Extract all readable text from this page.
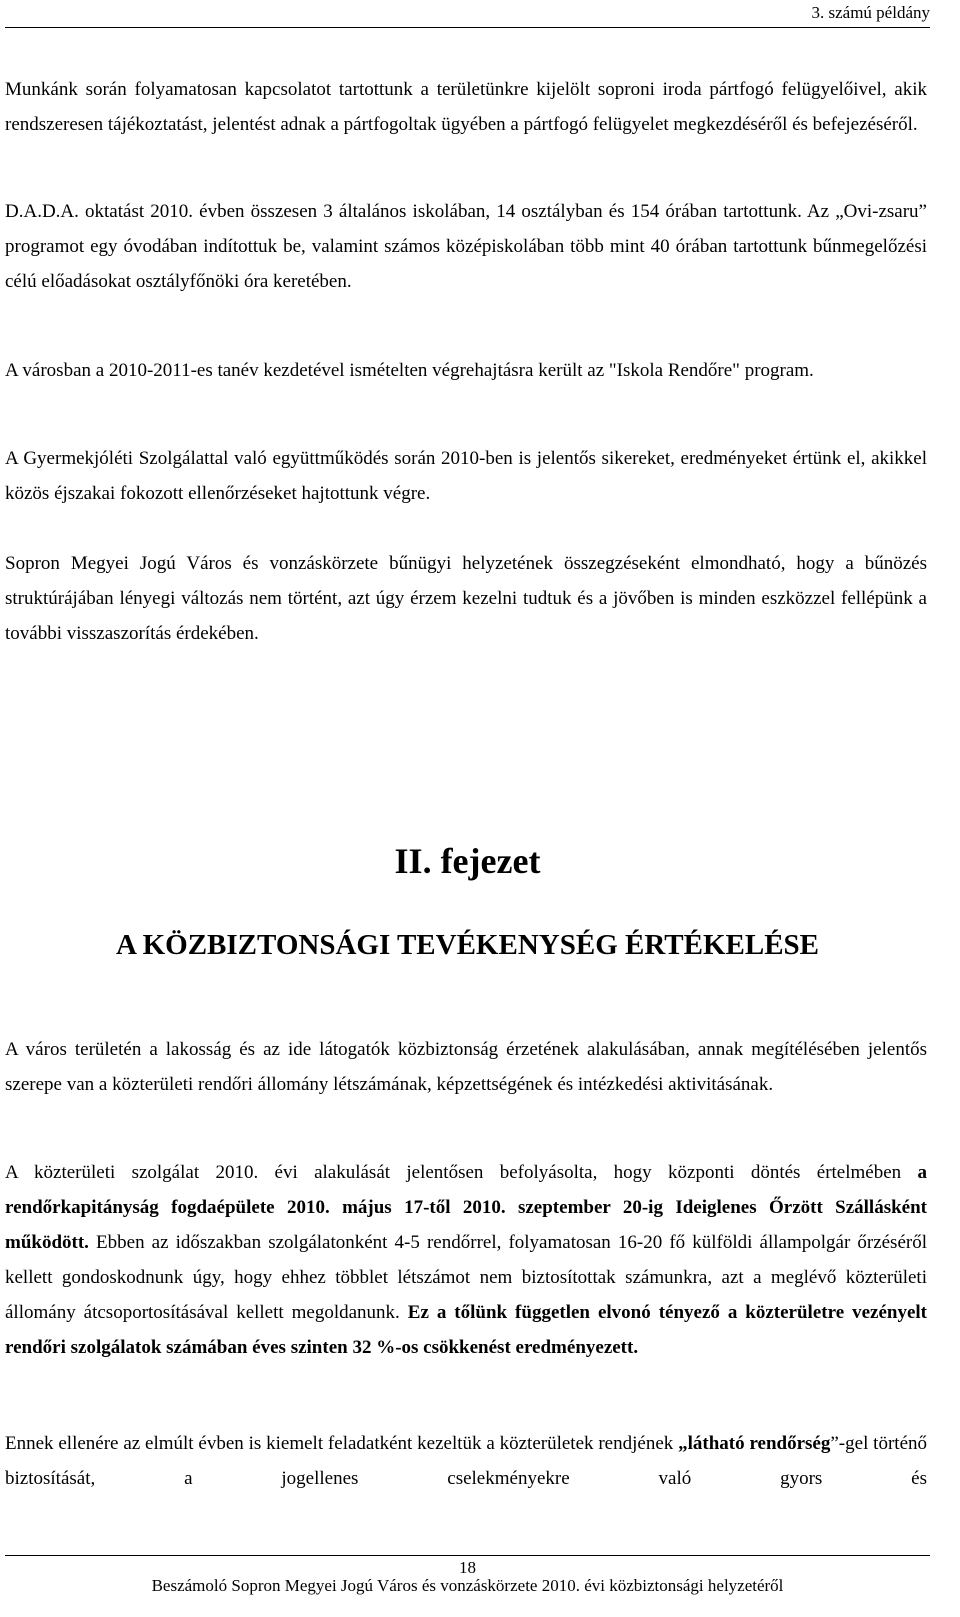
3. számú példány

Munkánk során folyamatosan kapcsolatot tartottunk a területünkre kijelölt soproni iroda pártfogó felügyelőivel, akik rendszeresen tájékoztatást, jelentést adnak a pártfogoltak ügyében a pártfogó felügyelet megkezdéséről és befejezéséről.

D.A.D.A. oktatást 2010. évben összesen 3 általános iskolában, 14 osztályban és 154 órában tartottunk. Az „Ovi-zsaru” programot egy óvodában indítottuk be, valamint számos középiskolában több mint 40 órában tartottunk bűnmegelőzési célú előadásokat osztályfőnöki óra keretében.

A városban a 2010-2011-es tanév kezdetével ismételten végrehajtásra került az "Iskola Rendőre" program.

A Gyermekjóléti Szolgálattal való együttműködés során 2010-ben is jelentős sikereket, eredményeket értünk el, akikkel közös éjszakai fokozott ellenőrzéseket hajtottunk végre.

Sopron Megyei Jogú Város és vonzáskörzete bűnügyi helyzetének összegzéseként elmondható, hogy a bűnözés struktúrájában lényegi változás nem történt, azt úgy érzem kezelni tudtuk és a jövőben is minden eszközzel fellépünk a további visszaszorítás érdekében.

II. fejezet
A KÖZBIZTONSÁGI TEVÉKENYSÉG ÉRTÉKELÉSE

A város területén a lakosság és az ide látogatók közbiztonság érzetének alakulásában, annak megítélésében jelentős szerepe van a közterületi rendőri állomány létszámának, képzettségének és intézkedési aktivitásának.

A közterületi szolgálat 2010. évi alakulását jelentősen befolyásolta, hogy központi döntés értelmében a rendőrkapitányság fogdaépülete 2010. május 17-től 2010. szeptember 20-ig Ideiglenes Őrzött Szállásként működött. Ebben az időszakban szolgálatonként 4-5 rendőrrel, folyamatosan 16-20 fő külföldi állampolgár őrzéséről kellett gondoskodnunk úgy, hogy ehhez többlet létszámot nem biztosítottak számunkra, azt a meglévő közterületi állomány átcsoportosításával kellett megoldanunk. Ez a tőlünk független elvonó tényező a közterületre vezényelt rendőri szolgálatok számában éves szinten 32 %-os csökkenést eredményezett.

Ennek ellenére az elmúlt évben is kiemelt feladatként kezeltük a közterületek rendjének „látható rendőrség”-gel történő biztosítását, a jogellenes cselekményekre való gyors és

18
Beszámoló Sopron Megyei Jogú Város és vonzáskörzete 2010. évi közbiztonsági helyzetéről
